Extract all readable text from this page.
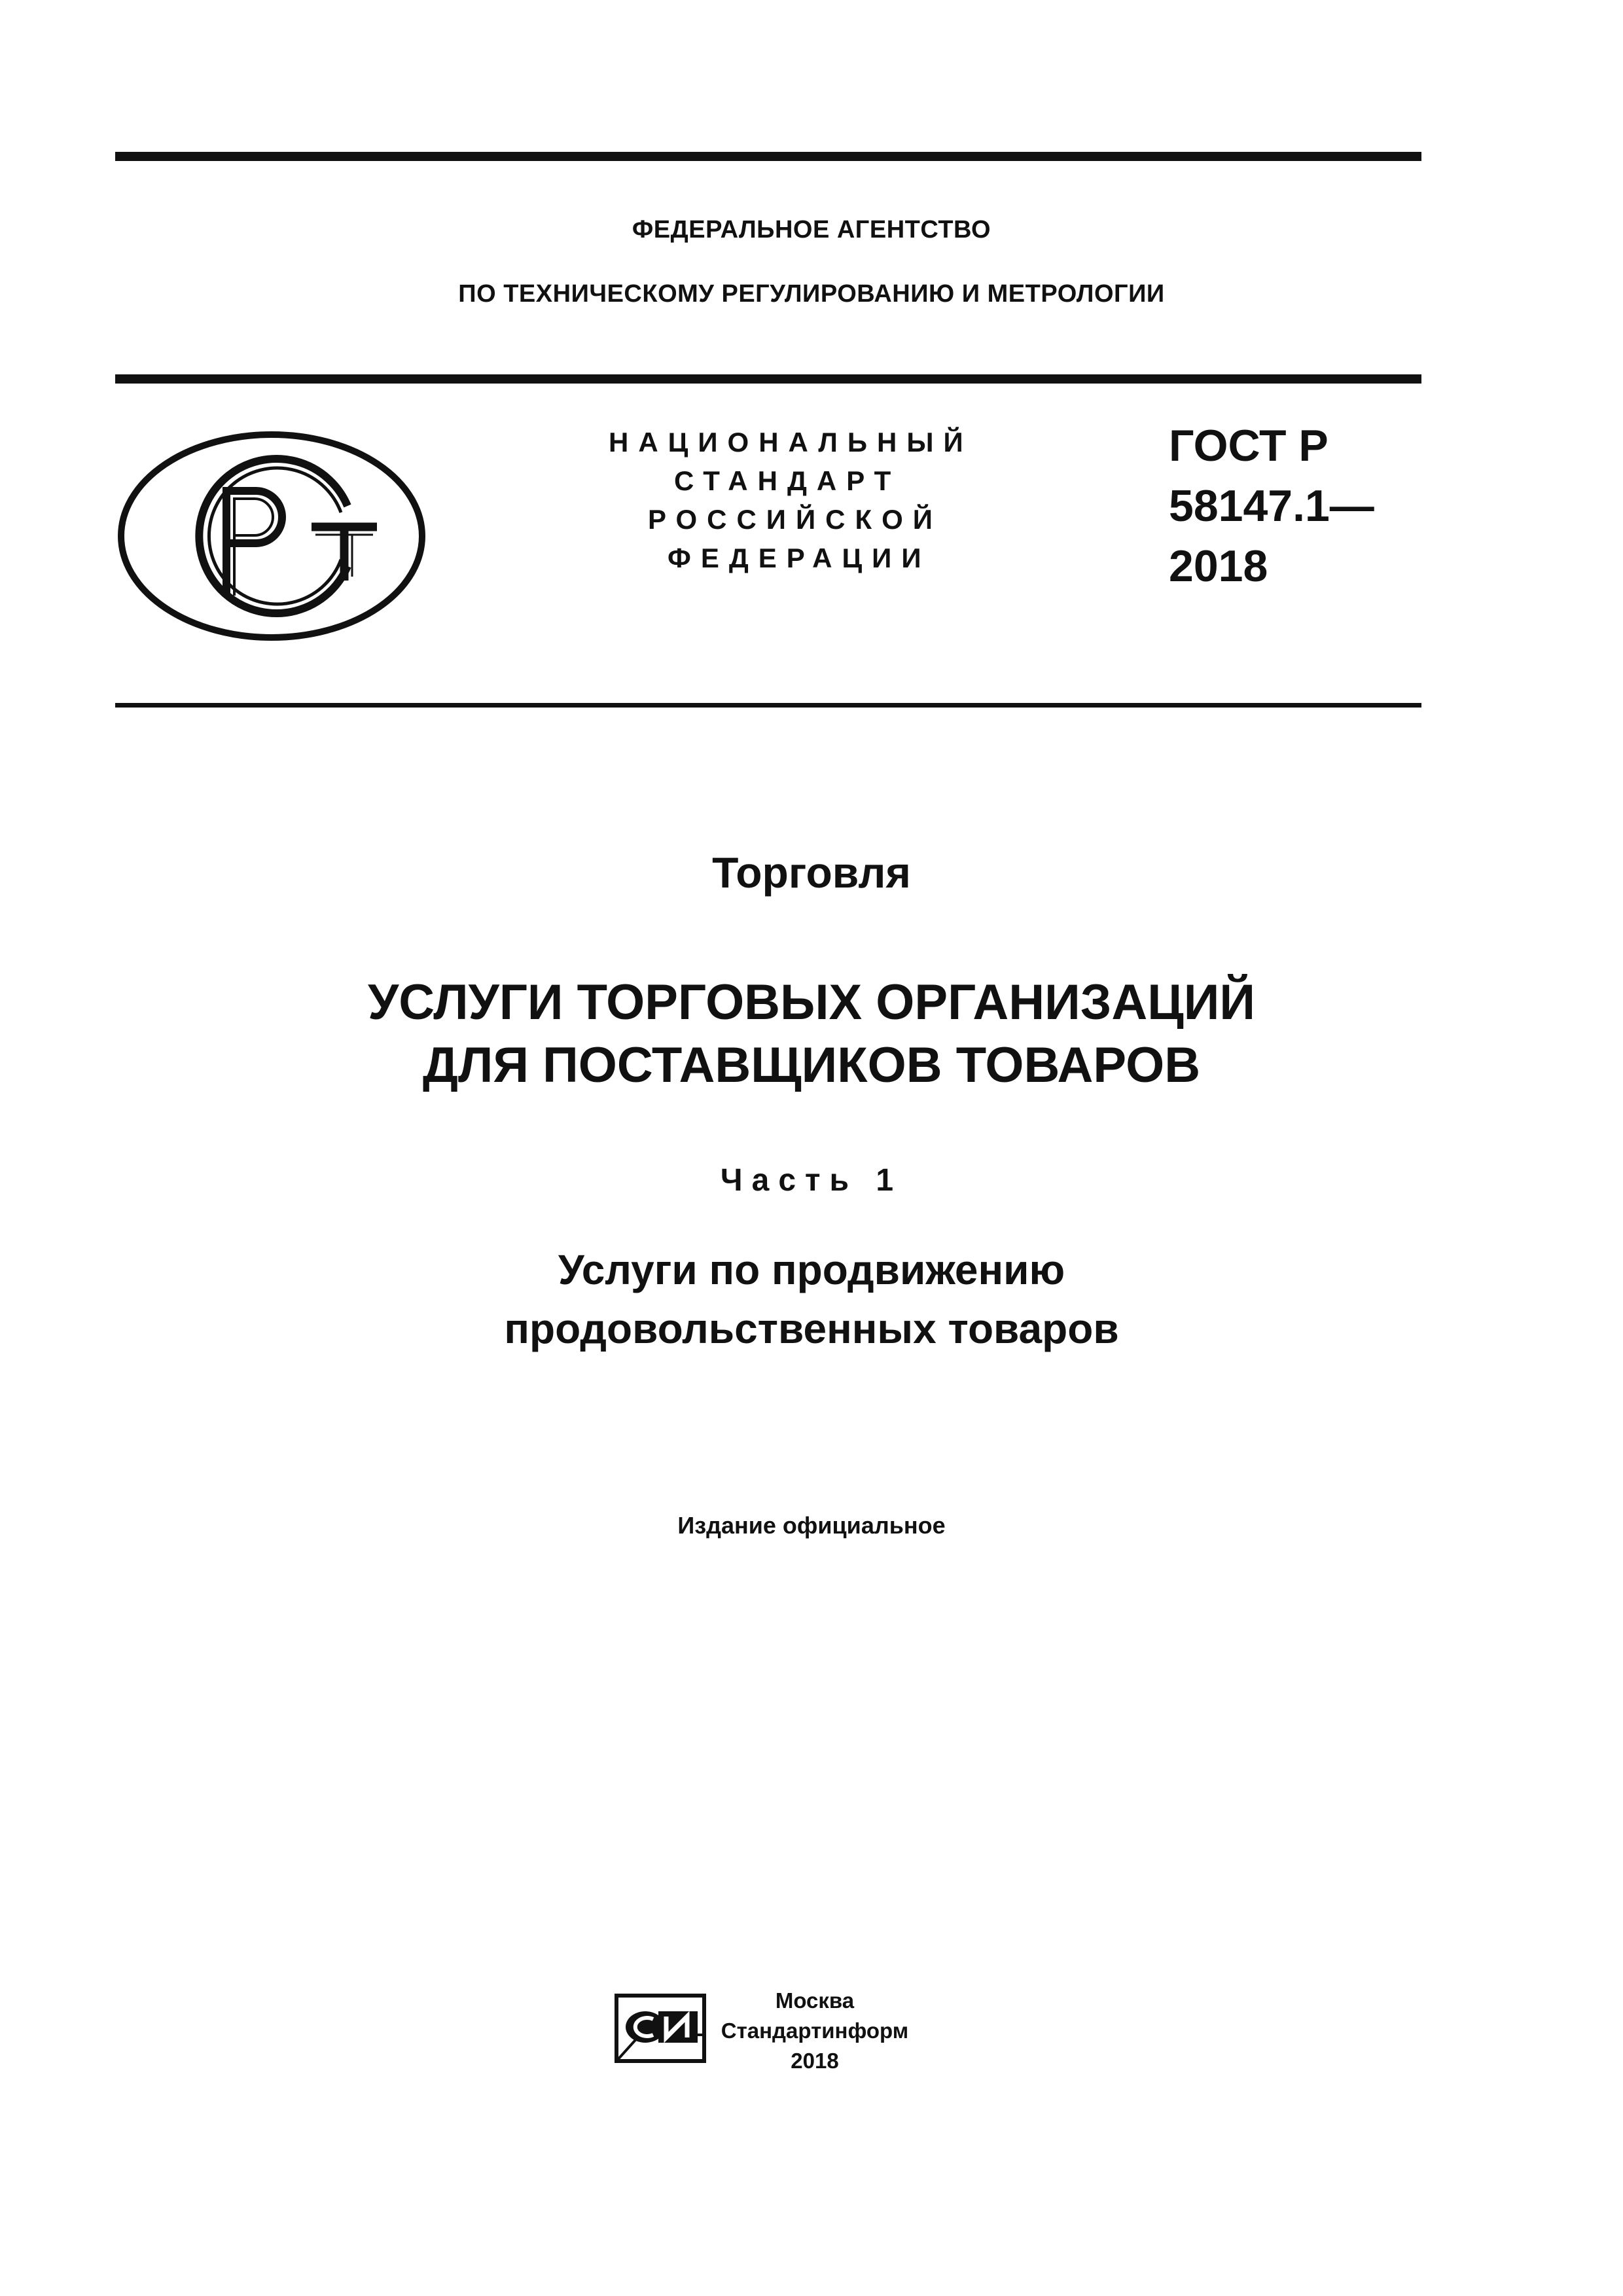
ФЕДЕРАЛЬНОЕ АГЕНТСТВО
ПО ТЕХНИЧЕСКОМУ РЕГУЛИРОВАНИЮ И МЕТРОЛОГИИ
НАЦИОНАЛЬНЫЙ
СТАНДАРТ
РОССИЙСКОЙ
ФЕДЕРАЦИИ
ГОСТ Р
58147.1—
2018
Торговля
УСЛУГИ ТОРГОВЫХ ОРГАНИЗАЦИЙ
ДЛЯ ПОСТАВЩИКОВ ТОВАРОВ
Часть 1
Услуги по продвижению
продовольственных товаров
Издание официальное
Москва
Стандартинформ
2018
